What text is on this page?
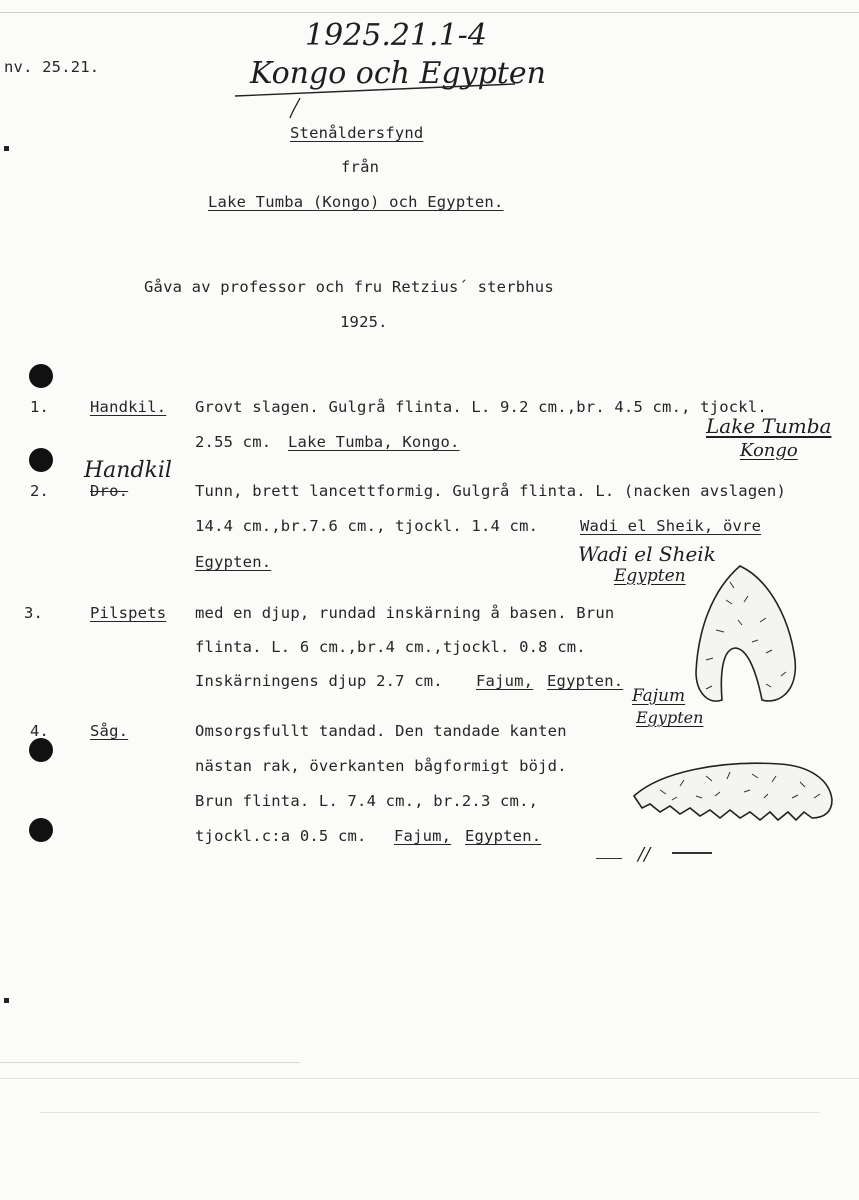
1925.21.1-4
nv. 25.21.	Kongo och Egypten
Stenåldersfynd
från
Lake Tumba (Kongo) och Egypten.
Gåva av professor och fru Retzius´ sterbhus
1925.
1.	Handkil. Grovt slagen. Gulgrå flinta. L. 9.2 cm.,br. 4.5 cm., tjockl.
2.55 cm. Lake Tumba, Kongo.
Lake Tumba
Kongo
Handkil
2.	Dro.	Tunn, brett lancettformig. Gulgrå flinta. L. (nacken avslagen)
14.4 cm.,br.7.6 cm., tjockl. 1.4 cm.	Wadi el Sheik, övre
Egypten.	Wadi el Sheik
Egypten
3.	Pilspets med en djup, rundad inskärning å basen. Brun
flinta. L. 6 cm.,br.4 cm.,tjockl. 0.8 cm.
Inskärningens djup 2.7 cm. Fajum, Egypten.
Fajum
Egypten
4.	Såg.	Omsorgsfullt tandad. Den tandade kanten
nästan rak, överkanten bågformigt böjd.
Brun flinta. L. 7.4 cm., br.2.3 cm.,
tjockl.c:a 0.5 cm. Fajum, Egypten.
//
